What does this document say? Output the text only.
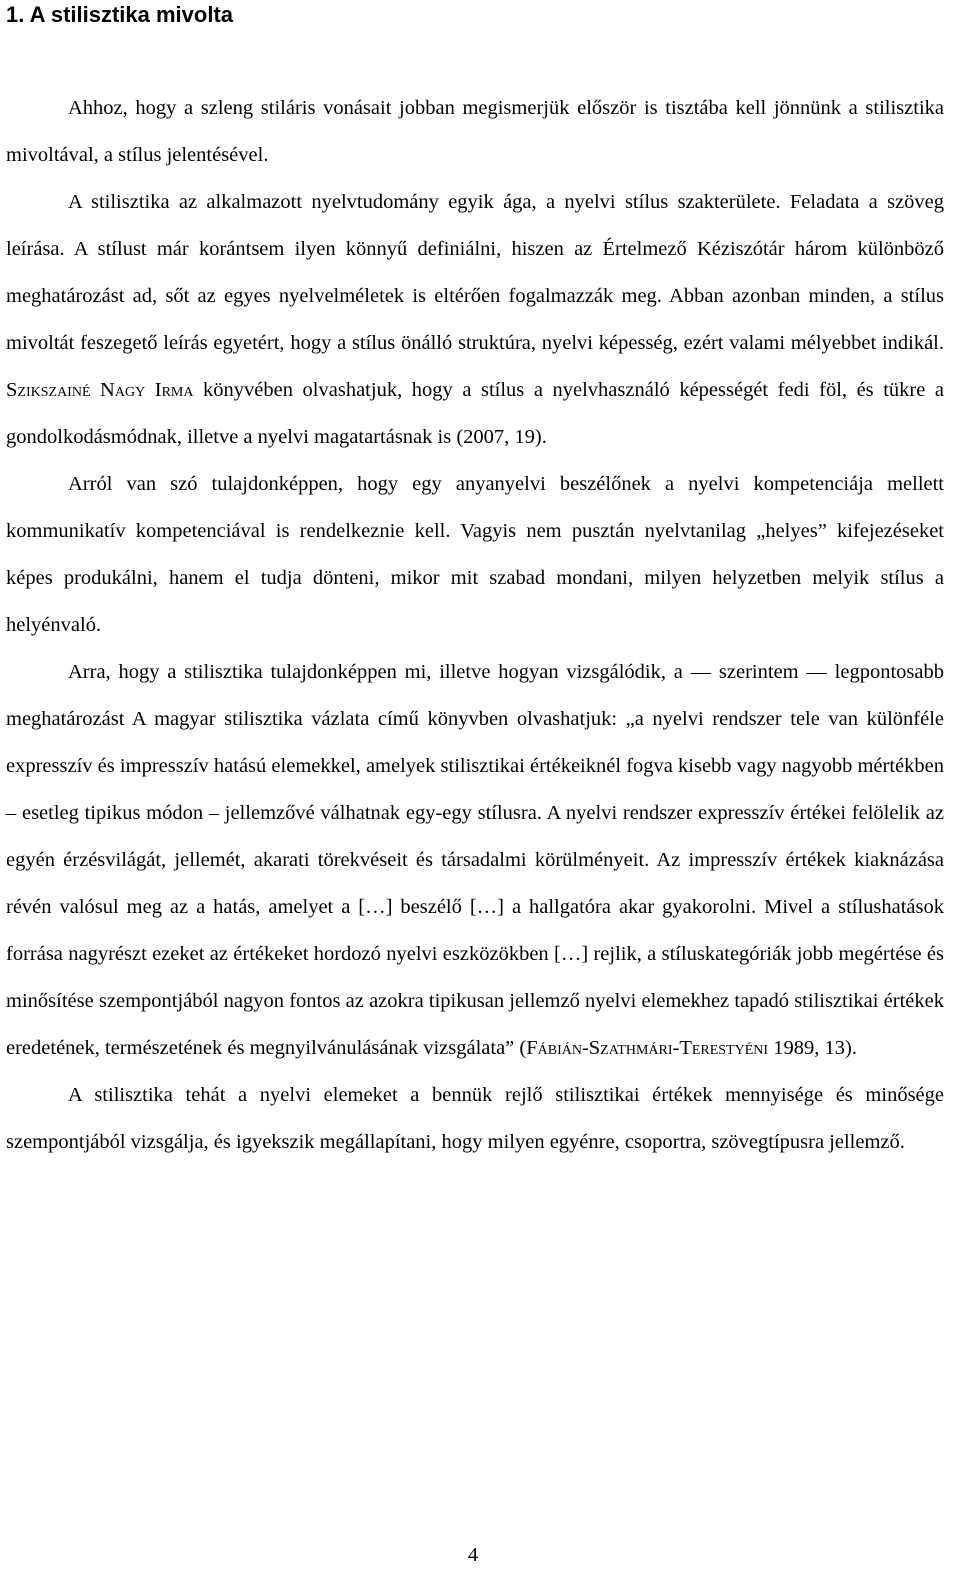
1. A stilisztika mivolta

Ahhoz, hogy a szleng stiláris vonásait jobban megismerjük először is tisztába kell jönnünk a stilisztika mivoltával, a stílus jelentésével.

A stilisztika az alkalmazott nyelvtudomány egyik ága, a nyelvi stílus szakterülete. Feladata a szöveg leírása. A stílust már korántsem ilyen könnyű definiálni, hiszen az Értelmező Kéziszótár három különböző meghatározást ad, sőt az egyes nyelvelméletek is eltérően fogalmazzák meg. Abban azonban minden, a stílus mivoltát feszegető leírás egyetért, hogy a stílus önálló struktúra, nyelvi képesség, ezért valami mélyebbet indikál. Szikszainé Nagy Irma könyvében olvashatjuk, hogy a stílus a nyelvhasználó képességét fedi föl, és tükre a gondolkodásmódnak, illetve a nyelvi magatartásnak is (2007, 19).

Arról van szó tulajdonképpen, hogy egy anyanyelvi beszélőnek a nyelvi kompetenciája mellett kommunikatív kompetenciával is rendelkeznie kell. Vagyis nem pusztán nyelvtanilag „helyes” kifejezéseket képes produkálni, hanem el tudja dönteni, mikor mit szabad mondani, milyen helyzetben melyik stílus a helyénvaló.

Arra, hogy a stilisztika tulajdonképpen mi, illetve hogyan vizsgálódik, a ― szerintem ― legpontosabb meghatározást A magyar stilisztika vázlata című könyvben olvashatjuk: „a nyelvi rendszer tele van különféle expresszív és impresszív hatású elemekkel, amelyek stilisztikai értékeiknél fogva kisebb vagy nagyobb mértékben – esetleg tipikus módon – jellemzővé válhatnak egy-egy stílusra. A nyelvi rendszer expresszív értékei felölelik az egyén érzésvilágát, jellemét, akarati törekvéseit és társadalmi körülményeit. Az impresszív értékek kiaknázása révén valósul meg az a hatás, amelyet a […] beszélő […] a hallgatóra akar gyakorolni. Mivel a stílushatások forrása nagyrészt ezeket az értékeket hordozó nyelvi eszközökben […] rejlik, a stíluskategóriák jobb megértése és minősítése szempontjából nagyon fontos az azokra tipikusan jellemző nyelvi elemekhez tapadó stilisztikai értékek eredetének, természetének és megnyilvánulásának vizsgálata” (Fábián-Szathmári-Terestyéni 1989, 13).

A stilisztika tehát a nyelvi elemeket a bennük rejlő stilisztikai értékek mennyisége és minősége szempontjából vizsgálja, és igyekszik megállapítani, hogy milyen egyénre, csoportra, szövegtípusra jellemző.

4
